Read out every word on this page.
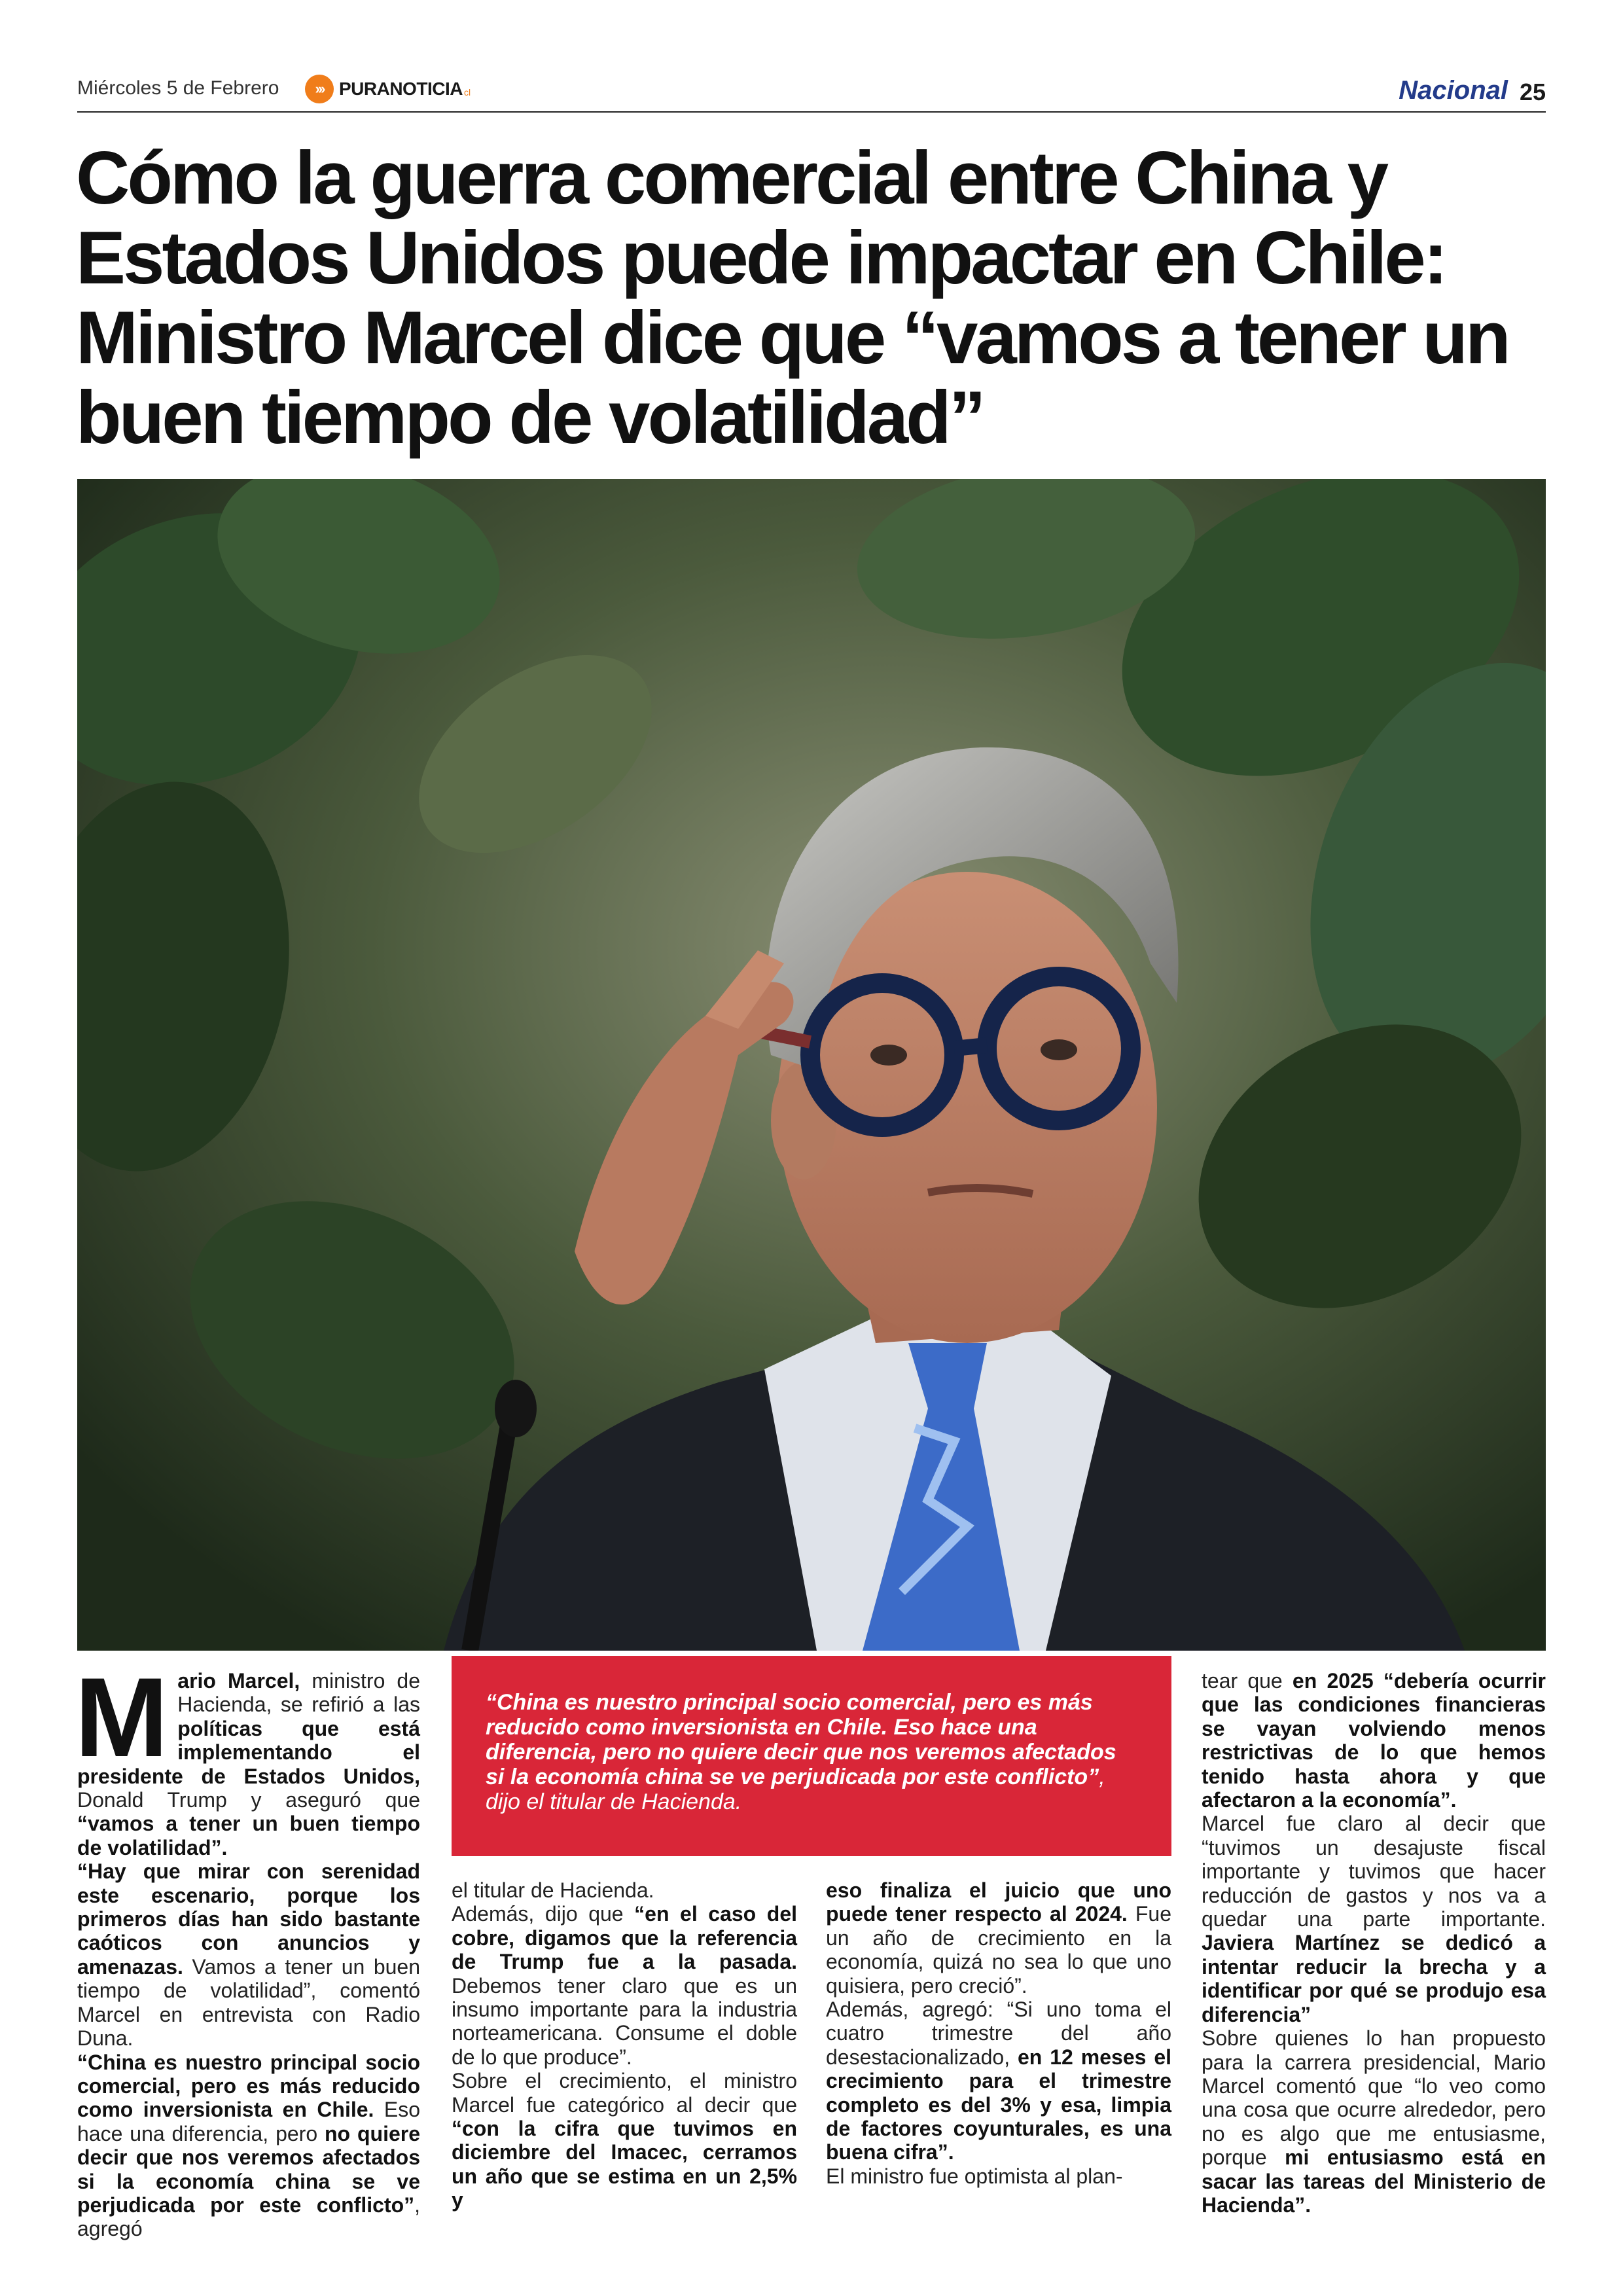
Miércoles 5 de Febrero	››› PURANOTICIA cl	Nacional 25
Cómo la guerra comercial entre China y Estados Unidos puede impactar en Chile: Ministro Marcel dice que “vamos a tener un buen tiempo de volatilidad”
“China es nuestro principal socio comercial, pero es más reducido como inversionista en Chile. Eso hace una diferencia, pero no quiere decir que nos veremos afectados si la economía china se ve perjudicada por este conflicto”, dijo el titular de Hacienda.

Mario Marcel, ministro de Hacienda, se refirió a las políticas que está implementando el presidente de Estados Unidos, Donald Trump y aseguró que “vamos a tener un buen tiempo de volatilidad”.

“Hay que mirar con serenidad este escenario, porque los primeros días han sido bastante caóticos con anuncios y amenazas. Vamos a tener un buen tiempo de volatilidad”, comentó Marcel en entrevista con Radio Duna.

“China es nuestro principal socio comercial, pero es más reducido como inversionista en Chile. Eso hace una diferencia, pero no quiere decir que nos veremos afectados si la economía china se ve perjudicada por este conflicto”, agregó

el titular de Hacienda.

Además, dijo que “en el caso del cobre, digamos que la referencia de Trump fue a la pasada. Debemos tener claro que es un insumo importante para la industria norteamericana. Consume el doble de lo que produce”.

Sobre el crecimiento, el ministro Marcel fue categórico al decir que “con la cifra que tuvimos en diciembre del Imacec, cerramos un año que se estima en un 2,5% y

eso finaliza el juicio que uno puede tener respecto al 2024. Fue un año de crecimiento en la economía, quizá no sea lo que uno quisiera, pero creció”.

Además, agregó: “Si uno toma el cuatro trimestre del año desestacionalizado, en 12 meses el crecimiento para el trimestre completo es del 3% y esa, limpia de factores coyunturales, es una buena cifra”.

El ministro fue optimista al plan-

tear que en 2025 “debería ocurrir que las condiciones financieras se vayan volviendo menos restrictivas de lo que hemos tenido hasta ahora y que afectaron a la economía”.

Marcel fue claro al decir que “tuvimos un desajuste fiscal importante y tuvimos que hacer reducción de gastos y nos va a quedar una parte importante. Javiera Martínez se dedicó a intentar reducir la brecha y a identificar por qué se produjo esa diferencia”

Sobre quienes lo han propuesto para la carrera presidencial, Mario Marcel comentó que “lo veo como una cosa que ocurre alrededor, pero no es algo que me entusiasme, porque mi entusiasmo está en sacar las tareas del Ministerio de Hacienda”.
